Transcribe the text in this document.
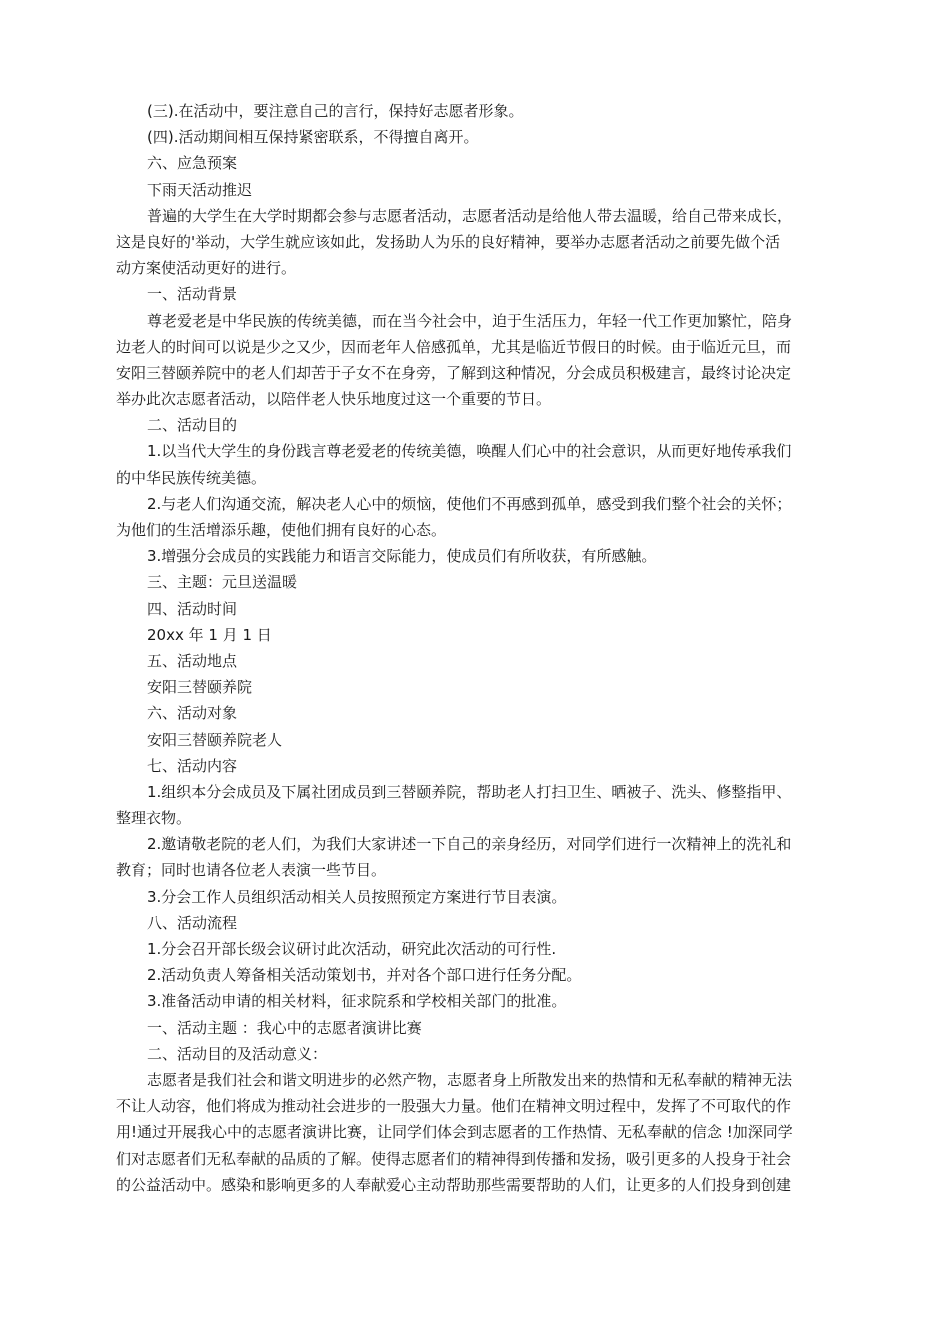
(三).在活动中，要注意自己的言行，保持好志愿者形象。
(四).活动期间相互保持紧密联系，不得擅自离开。
六、应急预案
下雨天活动推迟
普遍的大学生在大学时期都会参与志愿者活动，志愿者活动是给他人带去温暖，给自己带来成长，
这是良好的'举动，大学生就应该如此，发扬助人为乐的良好精神，要举办志愿者活动之前要先做个活
动方案使活动更好的进行。
一、活动背景
尊老爱老是中华民族的传统美德，而在当今社会中，迫于生活压力，年轻一代工作更加繁忙，陪身
边老人的时间可以说是少之又少，因而老年人倍感孤单，尤其是临近节假日的时候。由于临近元旦，而
安阳三替颐养院中的老人们却苦于子女不在身旁，了解到这种情况，分会成员积极建言，最终讨论决定
举办此次志愿者活动，以陪伴老人快乐地度过这一个重要的节日。
二、活动目的
1.以当代大学生的身份践言尊老爱老的传统美德，唤醒人们心中的社会意识，从而更好地传承我们
的中华民族传统美德。
2.与老人们沟通交流，解决老人心中的烦恼，使他们不再感到孤单，感受到我们整个社会的关怀；
为他们的生活增添乐趣，使他们拥有良好的心态。
3.增强分会成员的实践能力和语言交际能力，使成员们有所收获，有所感触。
三、主题：元旦送温暖
四、活动时间
20xx 年 1 月 1 日
五、活动地点
安阳三替颐养院
六、活动对象
安阳三替颐养院老人
七、活动内容
1.组织本分会成员及下属社团成员到三替颐养院，帮助老人打扫卫生、晒被子、洗头、修整指甲、
整理衣物。
2.邀请敬老院的老人们，为我们大家讲述一下自己的亲身经历，对同学们进行一次精神上的洗礼和
教育；同时也请各位老人表演一些节目。
3.分会工作人员组织活动相关人员按照预定方案进行节目表演。
八、活动流程
1.分会召开部长级会议研讨此次活动，研究此次活动的可行性.
2.活动负责人筹备相关活动策划书，并对各个部口进行任务分配。
3.准备活动申请的相关材料，征求院系和学校相关部门的批准。
一、活动主题 ：我心中的志愿者演讲比赛
二、活动目的及活动意义：
志愿者是我们社会和谐文明进步的必然产物，志愿者身上所散发出来的热情和无私奉献的精神无法
不让人动容，他们将成为推动社会进步的一股强大力量。他们在精神文明过程中，发挥了不可取代的作
用!通过开展我心中的志愿者演讲比赛，让同学们体会到志愿者的工作热情、无私奉献的信念 !加深同学
们对志愿者们无私奉献的品质的了解。使得志愿者们的精神得到传播和发扬，吸引更多的人投身于社会
的公益活动中。感染和影响更多的人奉献爱心主动帮助那些需要帮助的人们，让更多的人们投身到创建
